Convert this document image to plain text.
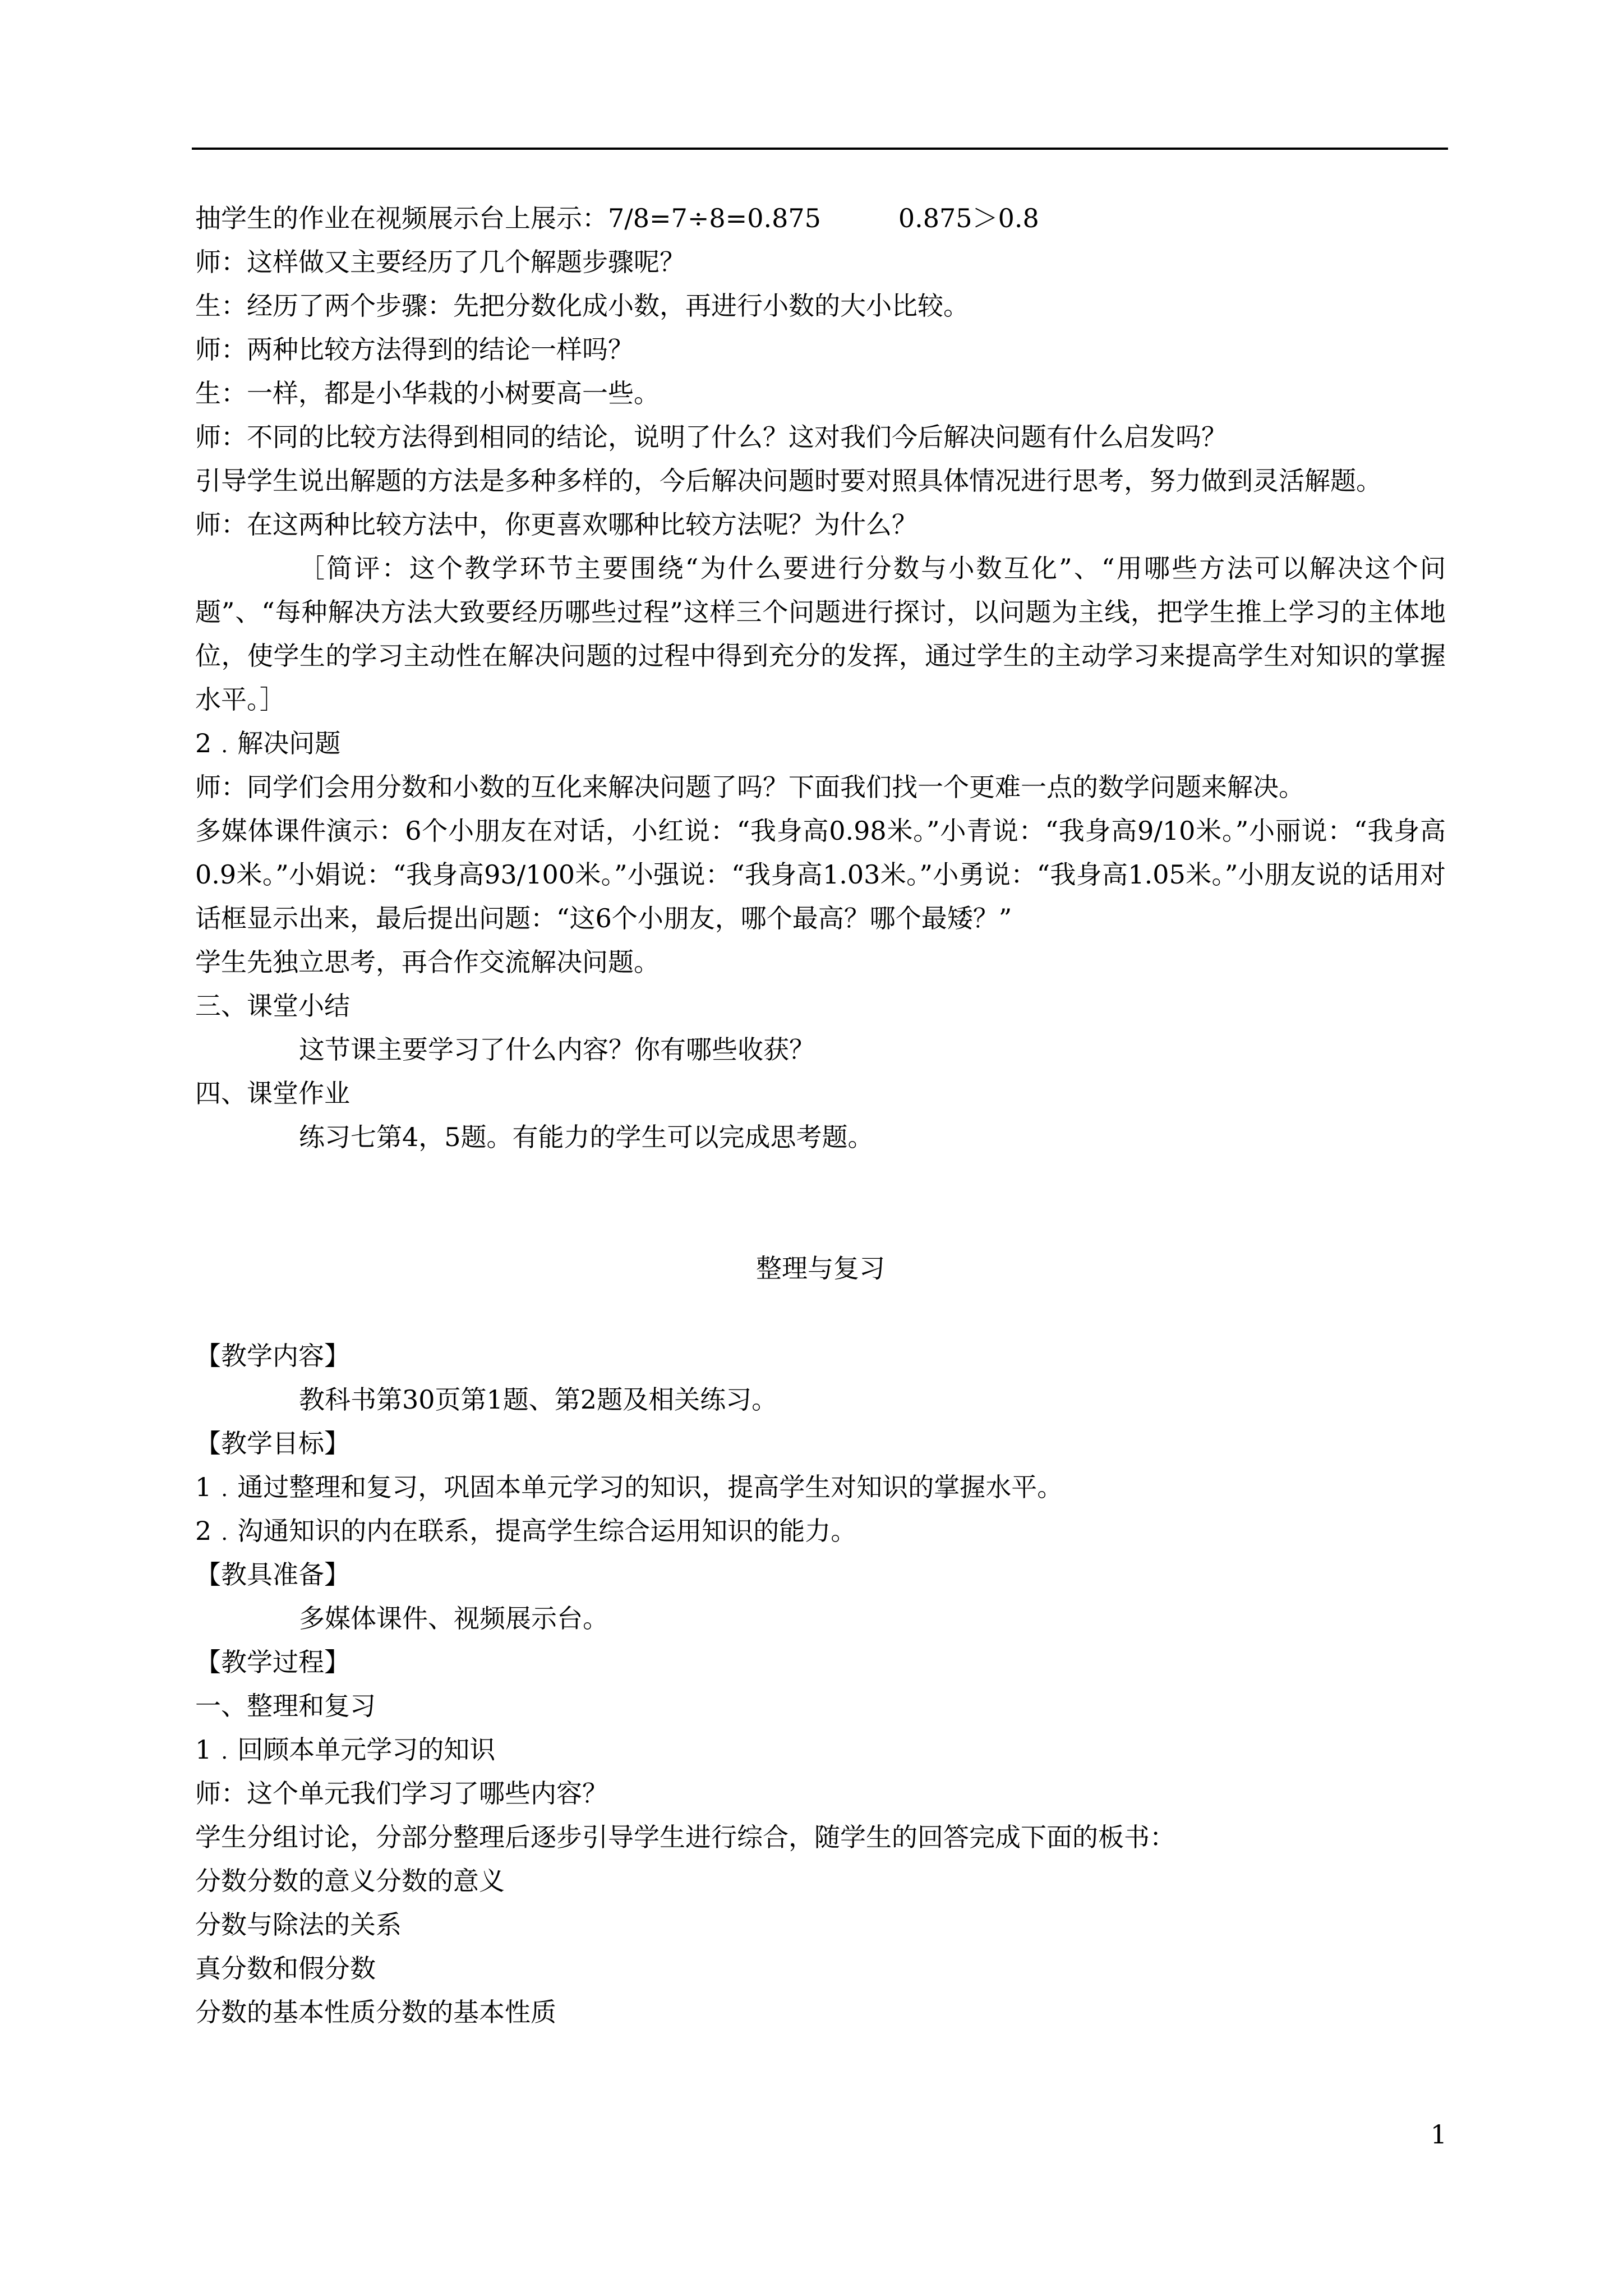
抽学生的作业在视频展示台上展示：7/8=7÷8=0.875　　　0.875＞0.8

师：这样做又主要经历了几个解题步骤呢？

生：经历了两个步骤：先把分数化成小数，再进行小数的大小比较。

师：两种比较方法得到的结论一样吗？

生：一样，都是小华栽的小树要高一些。

师：不同的比较方法得到相同的结论，说明了什么？这对我们今后解决问题有什么启发吗？

引导学生说出解题的方法是多种多样的，今后解决问题时要对照具体情况进行思考，努力做到灵活解题。

师：在这两种比较方法中，你更喜欢哪种比较方法呢？为什么？

［简评：这个教学环节主要围绕“为什么要进行分数与小数互化”、“用哪些方法可以解决这个问题”、“每种解决方法大致要经历哪些过程”这样三个问题进行探讨，以问题为主线，把学生推上学习的主体地位，使学生的学习主动性在解决问题的过程中得到充分的发挥，通过学生的主动学习来提高学生对知识的掌握水平。］

2﹒解决问题

师：同学们会用分数和小数的互化来解决问题了吗？下面我们找一个更难一点的数学问题来解决。

多媒体课件演示：6个小朋友在对话，小红说：“我身高0.98米。”小青说：“我身高9/10米。”小丽说：“我身高0.9米。”小娟说：“我身高93/100米。”小强说：“我身高1.03米。”小勇说：“我身高1.05米。”小朋友说的话用对话框显示出来，最后提出问题：“这6个小朋友，哪个最高？哪个最矮？”

学生先独立思考，再合作交流解决问题。

三、课堂小结

这节课主要学习了什么内容？你有哪些收获？

四、课堂作业

练习七第4，5题。有能力的学生可以完成思考题。

整理与复习

【教学内容】

教科书第30页第1题、第2题及相关练习。

【教学目标】

1﹒通过整理和复习，巩固本单元学习的知识，提高学生对知识的掌握水平。

2﹒沟通知识的内在联系，提高学生综合运用知识的能力。

【教具准备】

多媒体课件、视频展示台。

【教学过程】

一、整理和复习

1﹒回顾本单元学习的知识

师：这个单元我们学习了哪些内容？

学生分组讨论，分部分整理后逐步引导学生进行综合，随学生的回答完成下面的板书：

分数分数的意义分数的意义

分数与除法的关系

真分数和假分数

分数的基本性质分数的基本性质

1
